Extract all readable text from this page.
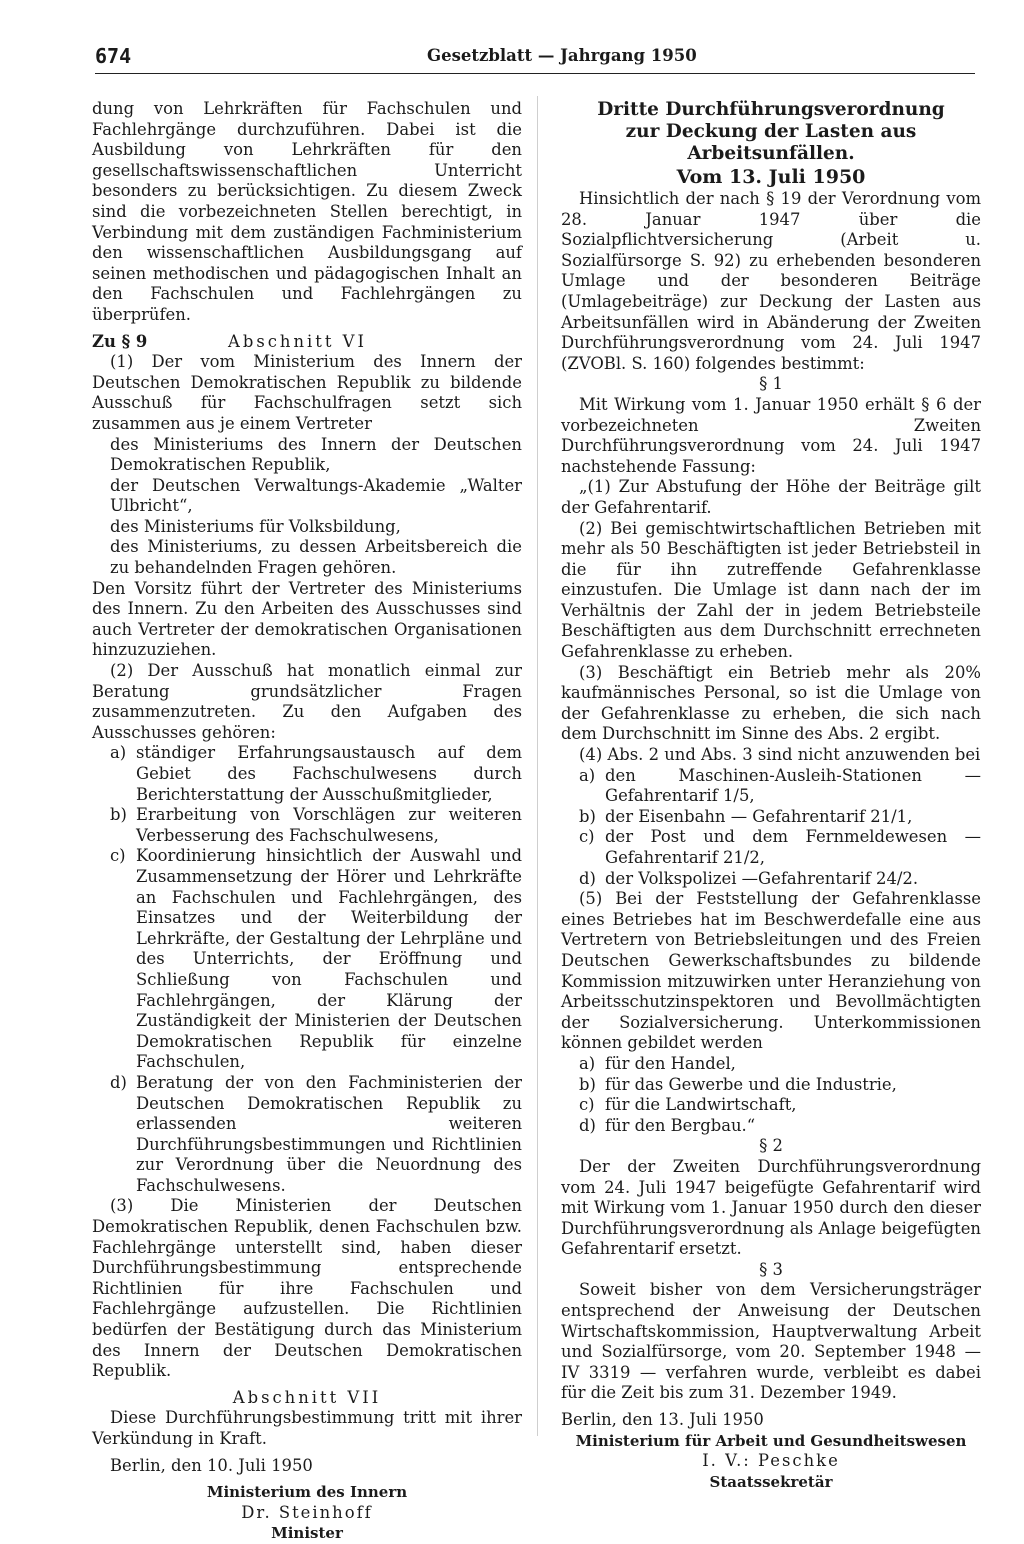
674	Gesetzblatt — Jahrgang 1950

dung von Lehrkräften für Fachschulen und Fachlehrgänge durchzuführen. Dabei ist die Ausbildung von Lehrkräften für den gesellschaftswissenschaftlichen Unterricht besonders zu berücksichtigen. Zu diesem Zweck sind die vorbezeichneten Stellen berechtigt, in Verbindung mit dem zuständigen Fachministerium den wissenschaftlichen Ausbildungsgang auf seinen methodischen und pädagogischen Inhalt an den Fachschulen und Fachlehrgängen zu überprüfen.

Zu § 9	Abschnitt VI

(1) Der vom Ministerium des Innern der Deutschen Demokratischen Republik zu bildende Ausschuß für Fachschulfragen setzt sich zusammen aus je einem Vertreter

des Ministeriums des Innern der Deutschen Demokratischen Republik,

der Deutschen Verwaltungs-Akademie „Walter Ulbricht“,

des Ministeriums für Volksbildung,

des Ministeriums, zu dessen Arbeitsbereich die zu behandelnden Fragen gehören.

Den Vorsitz führt der Vertreter des Ministeriums des Innern. Zu den Arbeiten des Ausschusses sind auch Vertreter der demokratischen Organisationen hinzuzuziehen.

(2) Der Ausschuß hat monatlich einmal zur Beratung grundsätzlicher Fragen zusammenzutreten. Zu den Aufgaben des Ausschusses gehören:

a) ständiger Erfahrungsaustausch auf dem Gebiet des Fachschulwesens durch Berichterstattung der Ausschußmitglieder,
b) Erarbeitung von Vorschlägen zur weiteren Verbesserung des Fachschulwesens,
c) Koordinierung hinsichtlich der Auswahl und Zusammensetzung der Hörer und Lehrkräfte an Fachschulen und Fachlehrgängen, des Einsatzes und der Weiterbildung der Lehrkräfte, der Gestaltung der Lehrpläne und des Unterrichts, der Eröffnung und Schließung von Fachschulen und Fachlehrgängen, der Klärung der Zuständigkeit der Ministerien der Deutschen Demokratischen Republik für einzelne Fachschulen,
d) Beratung der von den Fachministerien der Deutschen Demokratischen Republik zu erlassenden weiteren Durchführungsbestimmungen und Richtlinien zur Verordnung über die Neuordnung des Fachschulwesens.

(3) Die Ministerien der Deutschen Demokratischen Republik, denen Fachschulen bzw. Fachlehrgänge unterstellt sind, haben dieser Durchführungsbestimmung entsprechende Richtlinien für ihre Fachschulen und Fachlehrgänge aufzustellen. Die Richtlinien bedürfen der Bestätigung durch das Ministerium des Innern der Deutschen Demokratischen Republik.

Abschnitt VII

Diese Durchführungsbestimmung tritt mit ihrer Verkündung in Kraft.

Berlin, den 10. Juli 1950

Ministerium des Innern

Dr. Steinhoff

Minister

Dritte Durchführungsverordnung

zur Deckung der Lasten aus Arbeitsunfällen.

Vom 13. Juli 1950

Hinsichtlich der nach § 19 der Verordnung vom 28. Januar 1947 über die Sozialpflichtversicherung (Arbeit u. Sozialfürsorge S. 92) zu erhebenden besonderen Umlage und der besonderen Beiträge (Umlagebeiträge) zur Deckung der Lasten aus Arbeitsunfällen wird in Abänderung der Zweiten Durchführungsverordnung vom 24. Juli 1947 (ZVOBl. S. 160) folgendes bestimmt:

§ 1

Mit Wirkung vom 1. Januar 1950 erhält § 6 der vorbezeichneten Zweiten Durchführungsverordnung vom 24. Juli 1947 nachstehende Fassung:

„(1) Zur Abstufung der Höhe der Beiträge gilt der Gefahrentarif.

(2) Bei gemischtwirtschaftlichen Betrieben mit mehr als 50 Beschäftigten ist jeder Betriebsteil in die für ihn zutreffende Gefahrenklasse einzustufen. Die Umlage ist dann nach der im Verhältnis der Zahl der in jedem Betriebsteile Beschäftigten aus dem Durchschnitt errechneten Gefahrenklasse zu erheben.

(3) Beschäftigt ein Betrieb mehr als 20% kaufmännisches Personal, so ist die Umlage von der Gefahrenklasse zu erheben, die sich nach dem Durchschnitt im Sinne des Abs. 2 ergibt.

(4) Abs. 2 und Abs. 3 sind nicht anzuwenden bei

a) den Maschinen-Ausleih-Stationen — Gefahrentarif 1/5,
b) der Eisenbahn — Gefahrentarif 21/1,
c) der Post und dem Fernmeldewesen — Gefahrentarif 21/2,
d) der Volkspolizei —Gefahrentarif 24/2.

(5) Bei der Feststellung der Gefahrenklasse eines Betriebes hat im Beschwerdefalle eine aus Vertretern von Betriebsleitungen und des Freien Deutschen Gewerkschaftsbundes zu bildende Kommission mitzuwirken unter Heranziehung von Arbeitsschutzinspektoren und Bevollmächtigten der Sozialversicherung. Unterkommissionen können gebildet werden

a) für den Handel,
b) für das Gewerbe und die Industrie,
c) für die Landwirtschaft,
d) für den Bergbau.“

§ 2

Der der Zweiten Durchführungsverordnung vom 24. Juli 1947 beigefügte Gefahrentarif wird mit Wirkung vom 1. Januar 1950 durch den dieser Durchführungsverordnung als Anlage beigefügten Gefahrentarif ersetzt.

§ 3

Soweit bisher von dem Versicherungsträger entsprechend der Anweisung der Deutschen Wirtschaftskommission, Hauptverwaltung Arbeit und Sozialfürsorge, vom 20. September 1948 — IV 3319 — verfahren wurde, verbleibt es dabei für die Zeit bis zum 31. Dezember 1949.

Berlin, den 13. Juli 1950

Ministerium für Arbeit und Gesundheitswesen

I. V.: Peschke

Staatssekretär
